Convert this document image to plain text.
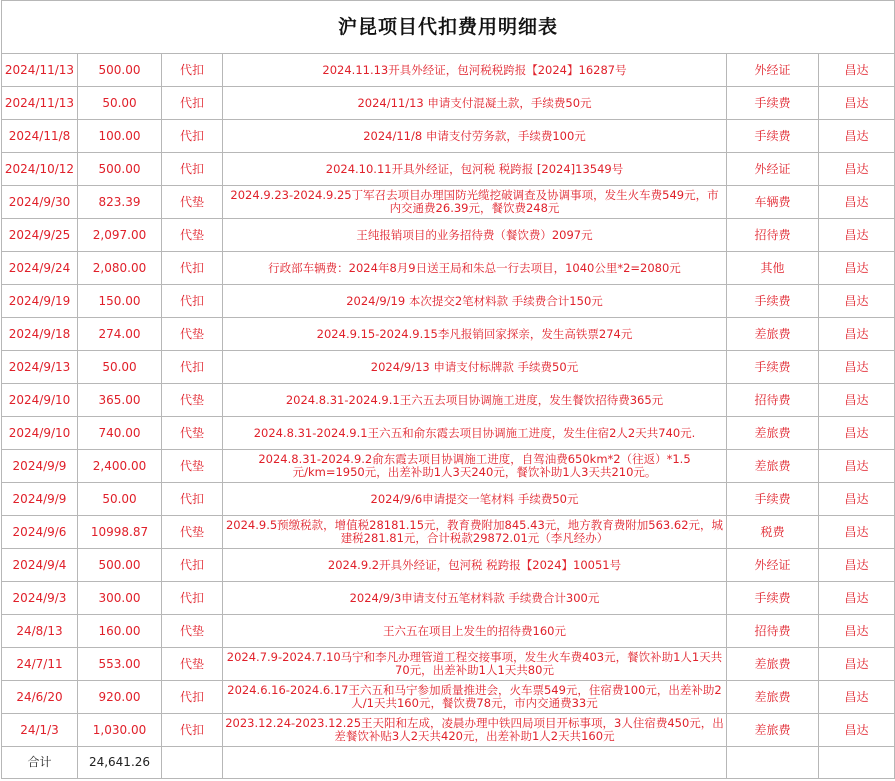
沪昆项目代扣费用明细表					
2024/11/13	500.00	代扣	2024.11.13开具外经证，包河税税跨报【2024】16287号	外经证	昌达
2024/11/13	50.00	代扣	2024/11/13 申请支付混凝土款，手续费50元	手续费	昌达
2024/11/8	100.00	代扣	2024/11/8 申请支付劳务款，手续费100元	手续费	昌达
2024/10/12	500.00	代扣	2024.10.11开具外经证，包河税 税跨报 [2024]13549号	外经证	昌达
2024/9/30	823.39	代垫	2024.9.23-2024.9.25丁军召去项目办理国防光缆挖破调查及协调事项，发生火车费549元，市内交通费26.39元，餐饮费248元	车辆费	昌达
2024/9/25	2,097.00	代垫	王纯报销项目的业务招待费（餐饮费）2097元	招待费	昌达
2024/9/24	2,080.00	代扣	行政部车辆费：2024年8月9日送王局和朱总一行去项目，1040公里*2=2080元	其他	昌达
2024/9/19	150.00	代扣	2024/9/19 本次提交2笔材料款 手续费合计150元	手续费	昌达
2024/9/18	274.00	代垫	2024.9.15-2024.9.15李凡报销回家探亲，发生高铁票274元	差旅费	昌达
2024/9/13	50.00	代扣	2024/9/13 申请支付标牌款 手续费50元	手续费	昌达
2024/9/10	365.00	代垫	2024.8.31-2024.9.1王六五去项目协调施工进度，发生餐饮招待费365元	招待费	昌达
2024/9/10	740.00	代垫	2024.8.31-2024.9.1王六五和俞东霞去项目协调施工进度，发生住宿2人2天共740元.	差旅费	昌达
2024/9/9	2,400.00	代垫	2024.8.31-2024.9.2俞东霞去项目协调施工进度，自驾油费650km*2（往返）*1.5元/km=1950元，出差补助1人3天240元，餐饮补助1人3天共210元。	差旅费	昌达
2024/9/9	50.00	代扣	2024/9/6申请提交一笔材料 手续费50元	手续费	昌达
2024/9/6	10998.87	代垫	2024.9.5预缴税款，增值税28181.15元，教育费附加845.43元，地方教育费附加563.62元，城建税281.81元，合计税款29872.01元（李凡经办）	税费	昌达
2024/9/4	500.00	代扣	2024.9.2开具外经证，包河税 税跨报【2024】10051号	外经证	昌达
2024/9/3	300.00	代扣	2024/9/3申请支付五笔材料款 手续费合计300元	手续费	昌达
24/8/13	160.00	代垫	王六五在项目上发生的招待费160元	招待费	昌达
24/7/11	553.00	代垫	2024.7.9-2024.7.10马宁和李凡办理管道工程交接事项，发生火车费403元，餐饮补助1人1天共70元，出差补助1人1天共80元	差旅费	昌达
24/6/20	920.00	代扣	2024.6.16-2024.6.17王六五和马宁参加质量推进会，火车票549元，住宿费100元，出差补助2人/1天共160元，餐饮费78元，市内交通费33元	差旅费	昌达
24/1/3	1,030.00	代扣	2023.12.24-2023.12.25王天阳和左成，凌晨办理中铁四局项目开标事项，3人住宿费450元，出差餐饮补贴3人2天共420元，出差补助1人2天共160元	差旅费	昌达
合计	24,641.26				
